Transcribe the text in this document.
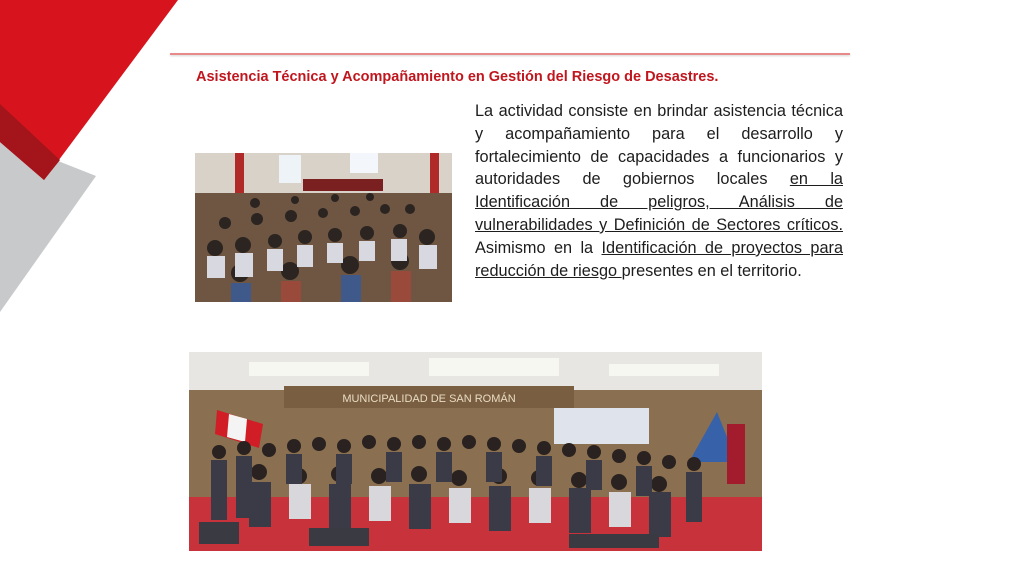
Asistencia Técnica y Acompañamiento en Gestión del Riesgo de Desastres.

La actividad consiste en brindar asistencia técnica y acompañamiento para el desarrollo y fortalecimiento de capacidades a funcionarios y autoridades de gobiernos locales en la Identificación de peligros, Análisis de vulnerabilidades y Definición de Sectores críticos. Asimismo en la Identificación de proyectos para reducción de riesgo presentes en el territorio.

MUNICIPALIDAD DE SAN ROMÁN
